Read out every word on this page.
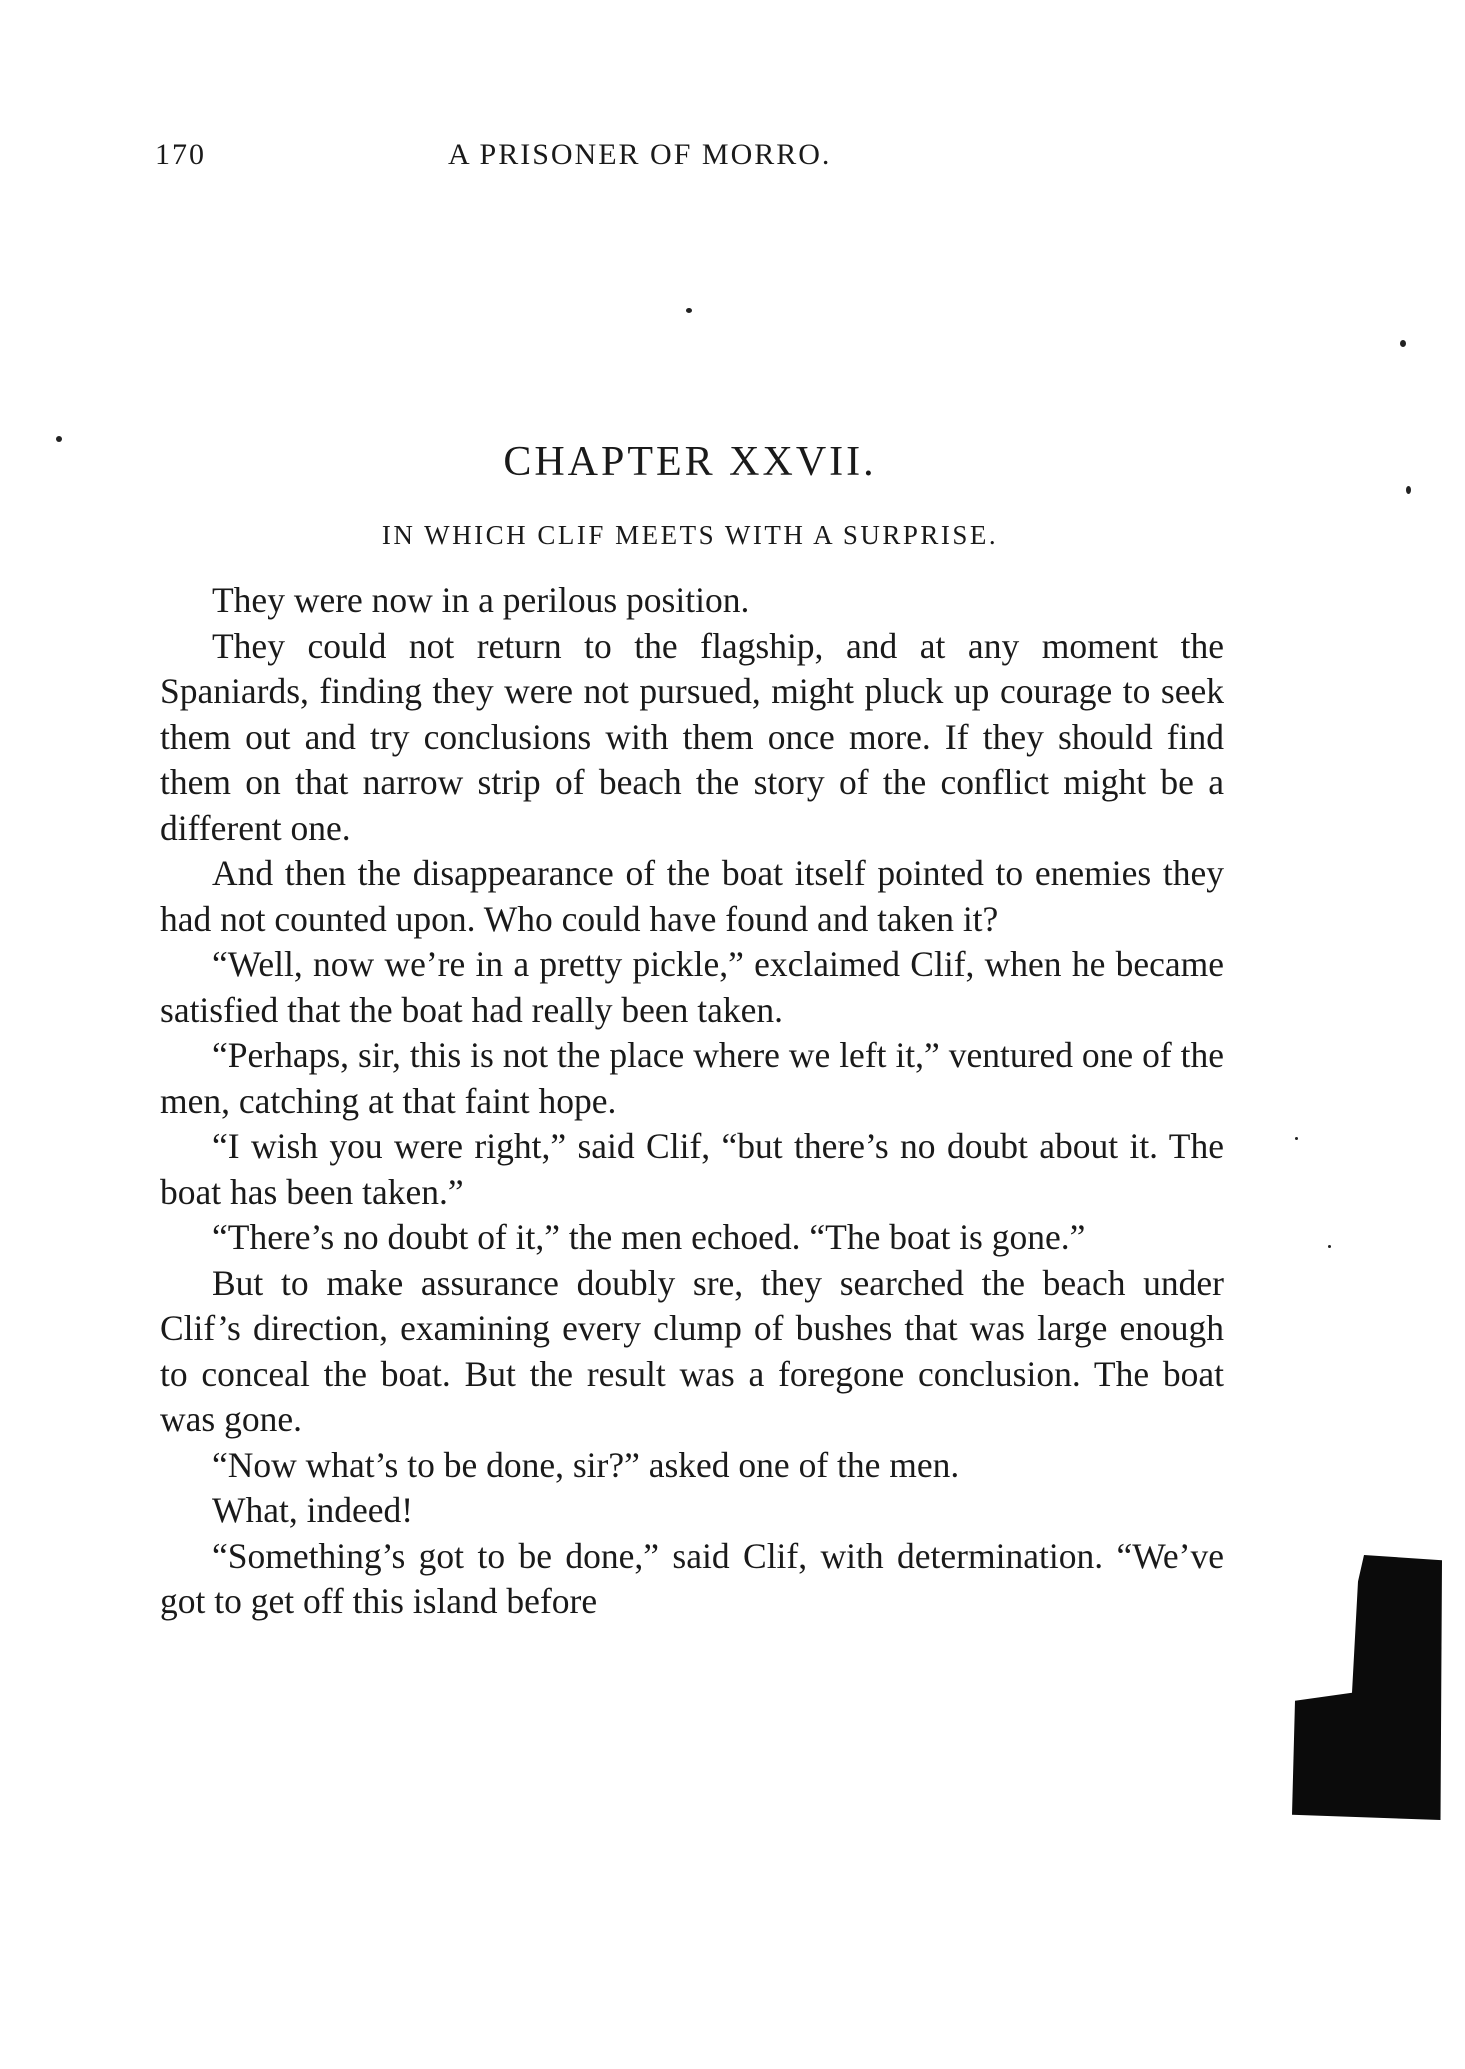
170	A PRISONER OF MORRO.
CHAPTER XXVII.
IN WHICH CLIF MEETS WITH A SURPRISE.

They were now in a perilous position.

They could not return to the flagship, and at any moment the Spaniards, finding they were not pursued, might pluck up courage to seek them out and try conclusions with them once more. If they should find them on that narrow strip of beach the story of the conflict might be a different one.

And then the disappearance of the boat itself pointed to enemies they had not counted upon. Who could have found and taken it?

“Well, now we’re in a pretty pickle,” exclaimed Clif, when he became satisfied that the boat had really been taken.

“Perhaps, sir, this is not the place where we left it,” ventured one of the men, catching at that faint hope.

“I wish you were right,” said Clif, “but there’s no doubt about it. The boat has been taken.”

“There’s no doubt of it,” the men echoed. “The boat is gone.”

But to make assurance doubly sre, they searched the beach under Clif’s direction, examining every clump of bushes that was large enough to conceal the boat. But the result was a foregone conclusion. The boat was gone.

“Now what’s to be done, sir?” asked one of the men.

What, indeed!

“Something’s got to be done,” said Clif, with determination. “We’ve got to get off this island before
